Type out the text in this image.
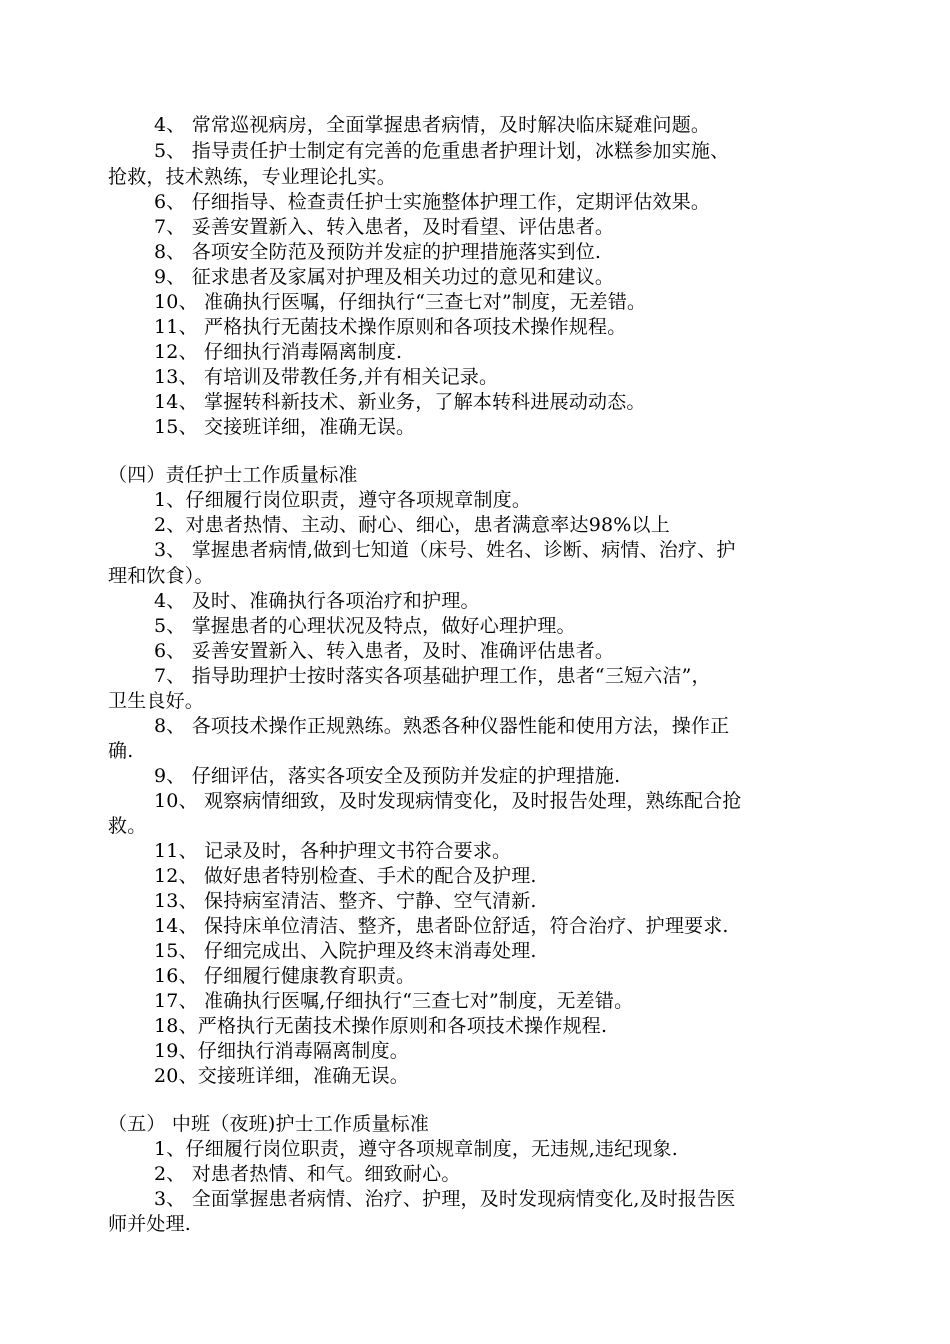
4、 常常巡视病房，全面掌握患者病情，及时解决临床疑难问题。
5、 指导责任护士制定有完善的危重患者护理计划，冰糕参加实施、
抢救，技术熟练，专业理论扎实。
6、 仔细指导、检查责任护士实施整体护理工作，定期评估效果。
7、 妥善安置新入、转入患者，及时看望、评估患者。
8、 各项安全防范及预防并发症的护理措施落实到位.
9、 征求患者及家属对护理及相关功过的意见和建议。
10、 准确执行医嘱，仔细执行“三查七对”制度，无差错。
11、 严格执行无菌技术操作原则和各项技术操作规程。
12、 仔细执行消毒隔离制度.
13、 有培训及带教任务,并有相关记录。
14、 掌握转科新技术、新业务，了解本转科进展动动态。
15、 交接班详细，准确无误。
（四）责任护士工作质量标准
1、仔细履行岗位职责，遵守各项规章制度。
2、对患者热情、主动、耐心、细心，患者满意率达98%以上
3、 掌握患者病情,做到七知道（床号、姓名、诊断、病情、治疗、护
理和饮食）。
4、 及时、准确执行各项治疗和护理。
5、 掌握患者的心理状况及特点，做好心理护理。
6、 妥善安置新入、转入患者，及时、准确评估患者。
7、 指导助理护士按时落实各项基础护理工作，患者“三短六洁”，
卫生良好。
8、 各项技术操作正规熟练。熟悉各种仪器性能和使用方法，操作正
确.
9、 仔细评估，落实各项安全及预防并发症的护理措施.
10、 观察病情细致，及时发现病情变化，及时报告处理，熟练配合抢
救。
11、 记录及时，各种护理文书符合要求。
12、 做好患者特别检查、手术的配合及护理.
13、 保持病室清洁、整齐、宁静、空气清新.
14、 保持床单位清洁、整齐，患者卧位舒适，符合治疗、护理要求.
15、 仔细完成出、入院护理及终末消毒处理.
16、 仔细履行健康教育职责。
17、 准确执行医嘱,仔细执行“三查七对”制度，无差错。
18、严格执行无菌技术操作原则和各项技术操作规程.
19、仔细执行消毒隔离制度。
20、交接班详细，准确无误。
（五） 中班（夜班)护士工作质量标准
1、仔细履行岗位职责，遵守各项规章制度，无违规,违纪现象.
2、 对患者热情、和气。细致耐心。
3、 全面掌握患者病情、治疗、护理，及时发现病情变化,及时报告医
师并处理.
